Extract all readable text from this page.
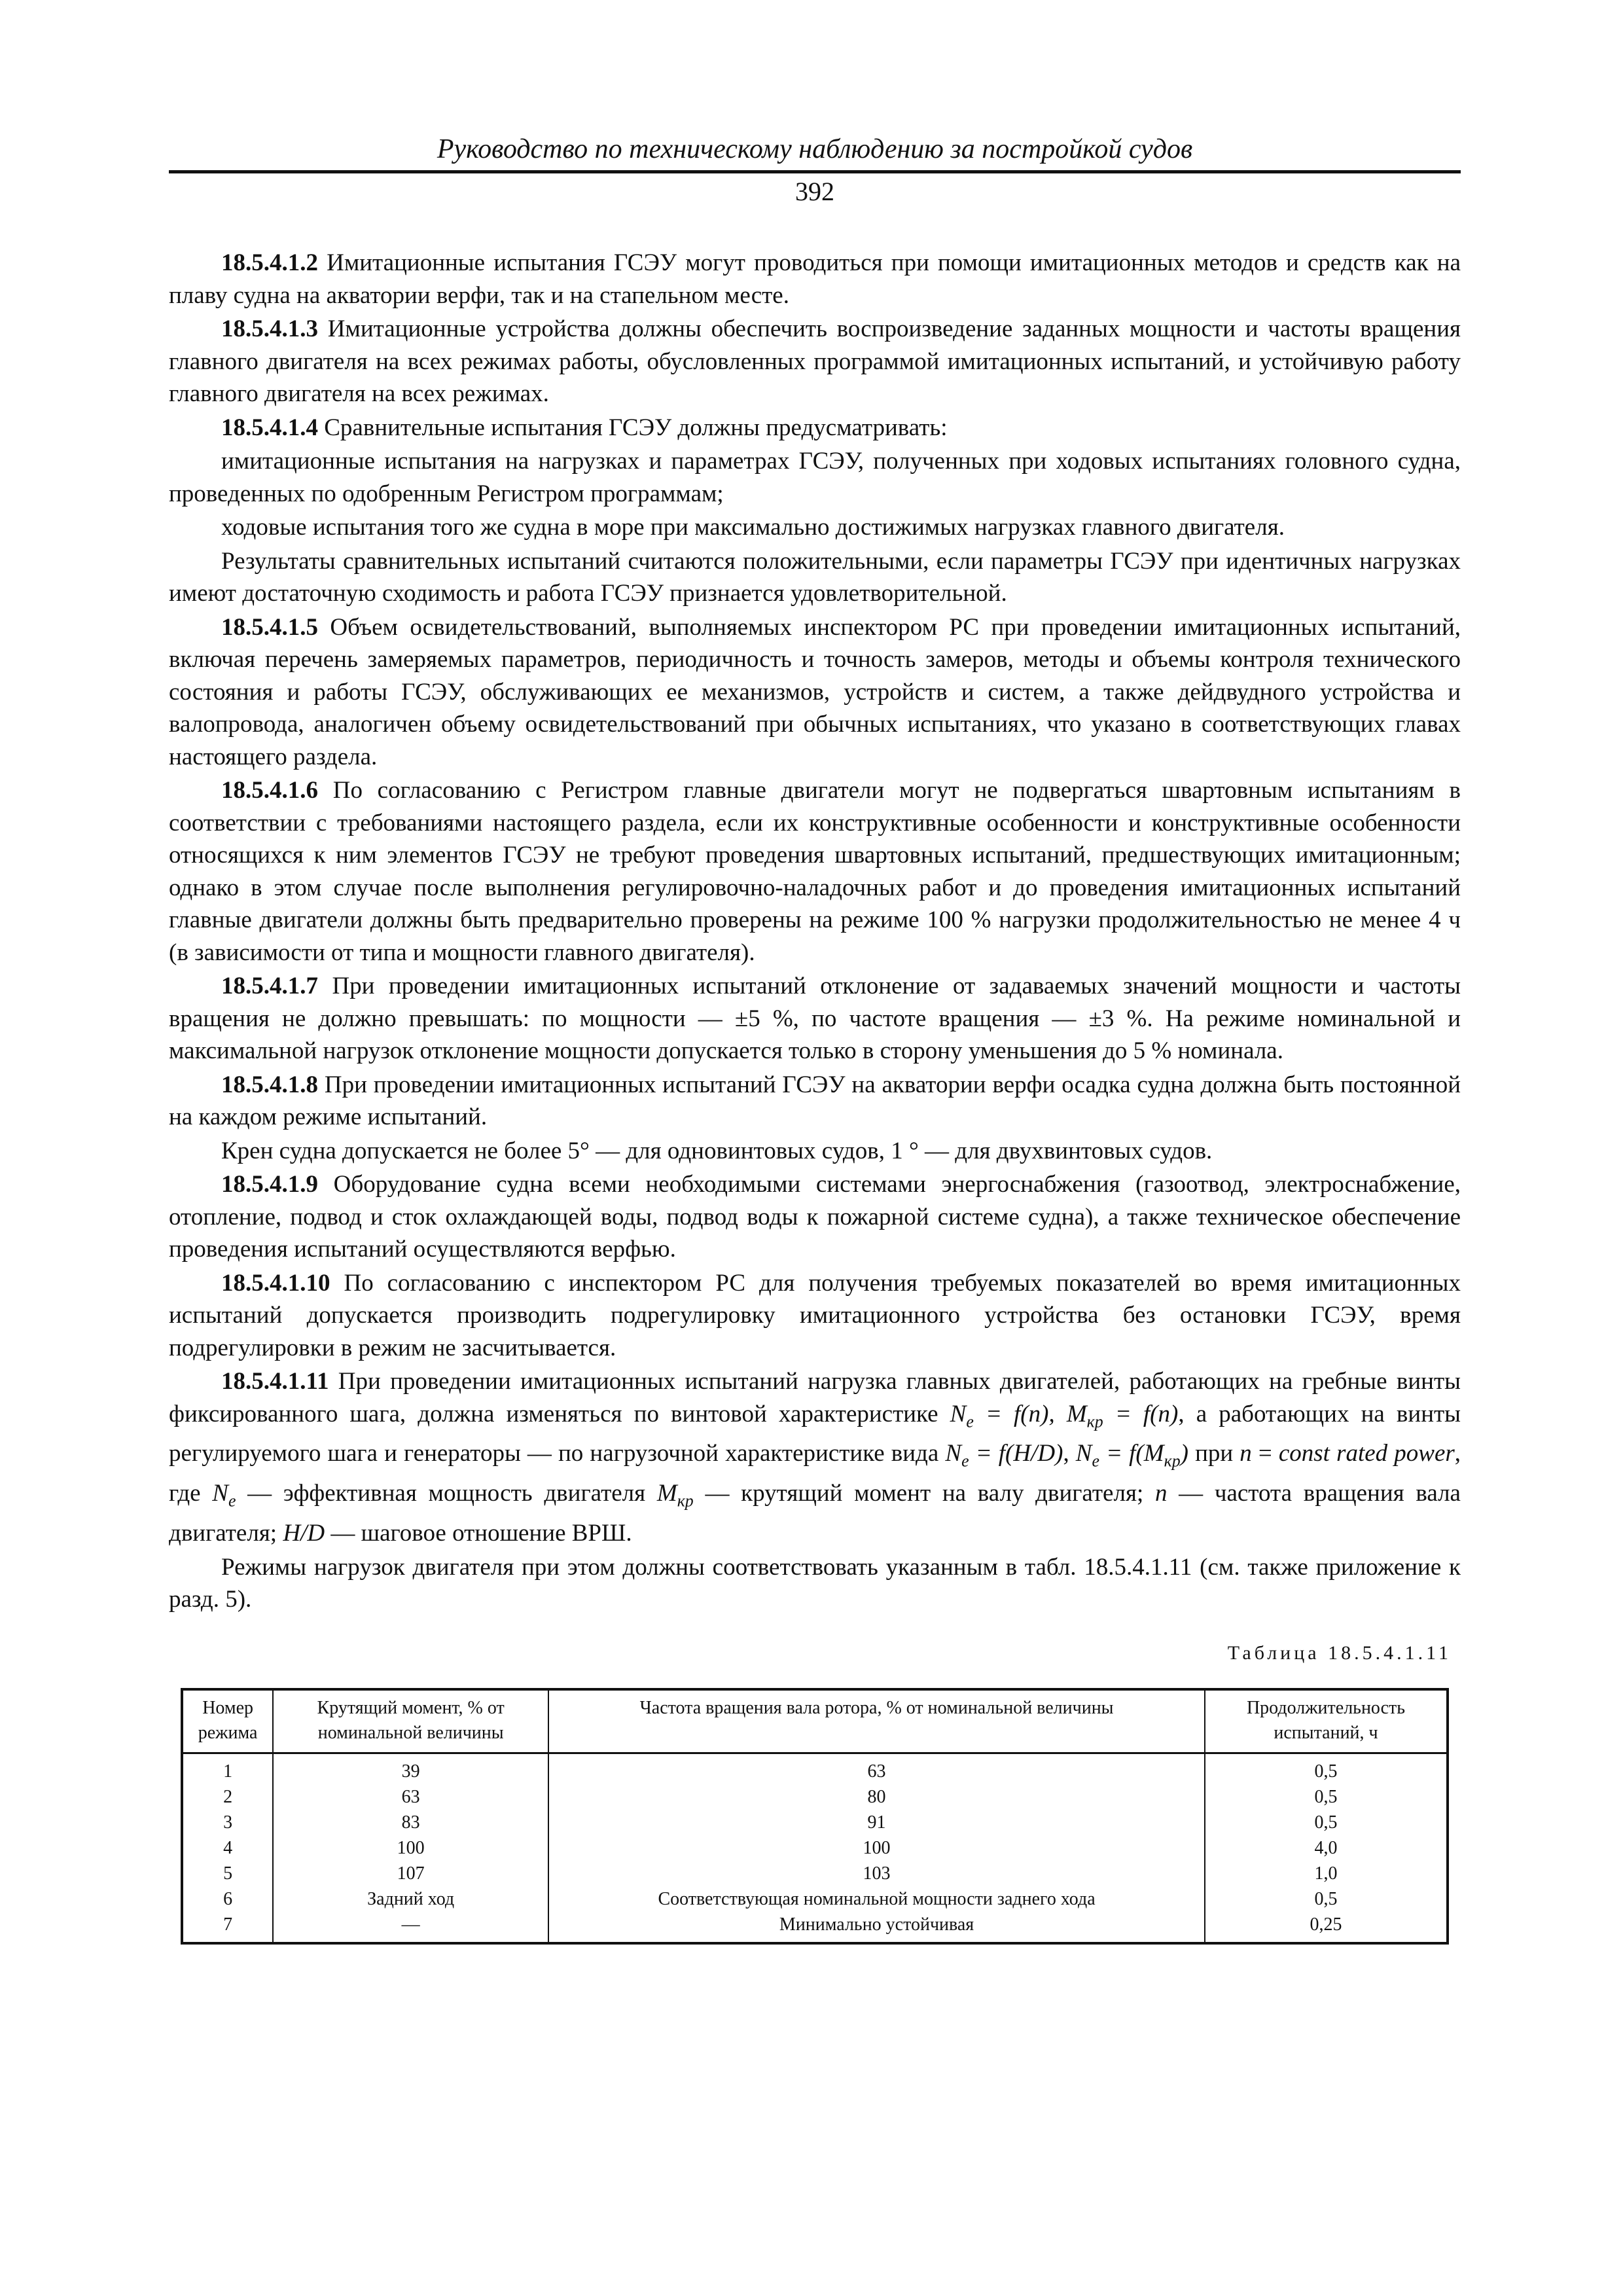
Руководство по техническому наблюдению за постройкой судов
392

18.5.4.1.2 Имитационные испытания ГСЭУ могут проводиться при помощи имитационных методов и средств как на плаву судна на акватории верфи, так и на стапельном месте.

18.5.4.1.3 Имитационные устройства должны обеспечить воспроизведение заданных мощности и частоты вращения главного двигателя на всех режимах работы, обусловленных программой имитационных испытаний, и устойчивую работу главного двигателя на всех режимах.

18.5.4.1.4 Сравнительные испытания ГСЭУ должны предусматривать:

имитационные испытания на нагрузках и параметрах ГСЭУ, полученных при ходовых испытаниях головного судна, проведенных по одобренным Регистром программам;

ходовые испытания того же судна в море при максимально достижимых нагрузках главного двигателя.

Результаты сравнительных испытаний считаются положительными, если параметры ГСЭУ при идентичных нагрузках имеют достаточную сходимость и работа ГСЭУ признается удовлетворительной.

18.5.4.1.5 Объем освидетельствований, выполняемых инспектором РС при проведении имитационных испытаний, включая перечень замеряемых параметров, периодичность и точность замеров, методы и объемы контроля технического состояния и работы ГСЭУ, обслуживающих ее механизмов, устройств и систем, а также дейдвудного устройства и валопровода, аналогичен объему освидетельствований при обычных испытаниях, что указано в соответствующих главах настоящего раздела.

18.5.4.1.6 По согласованию с Регистром главные двигатели могут не подвергаться швартовным испытаниям в соответствии с требованиями настоящего раздела, если их конструктивные особенности и конструктивные особенности относящихся к ним элементов ГСЭУ не требуют проведения швартовных испытаний, предшествующих имитационным; однако в этом случае после выполнения регулировочно-наладочных работ и до проведения имитационных испытаний главные двигатели должны быть предварительно проверены на режиме 100 % нагрузки продолжительностью не менее 4 ч (в зависимости от типа и мощности главного двигателя).

18.5.4.1.7 При проведении имитационных испытаний отклонение от задаваемых значений мощности и частоты вращения не должно превышать: по мощности — ±5 %, по частоте вращения — ±3 %. На режиме номинальной и максимальной нагрузок отклонение мощности допускается только в сторону уменьшения до 5 % номинала.

18.5.4.1.8 При проведении имитационных испытаний ГСЭУ на акватории верфи осадка судна должна быть постоянной на каждом режиме испытаний.

Крен судна допускается не более 5° — для одновинтовых судов, 1 ° — для двухвинтовых судов.

18.5.4.1.9 Оборудование судна всеми необходимыми системами энергоснабжения (газоотвод, электроснабжение, отопление, подвод и сток охлаждающей воды, подвод воды к пожарной системе судна), а также техническое обеспечение проведения испытаний осуществляются верфью.

18.5.4.1.10 По согласованию с инспектором РС для получения требуемых показателей во время имитационных испытаний допускается производить подрегулировку имитационного устройства без остановки ГСЭУ, время подрегулировки в режим не засчитывается.

18.5.4.1.11 При проведении имитационных испытаний нагрузка главных двигателей, работающих на гребные винты фиксированного шага, должна изменяться по винтовой характеристике $N_e = f(n)$, $M_{кр} = f(n)$, а работающих на винты регулируемого шага и генераторы — по нагрузочной характеристике вида $N_e = f(H/D)$, $N_e = f(M_{кр})$ при n = const rated power, где $N_e$ — эффективная мощность двигателя $M_{кр}$ — крутящий момент на валу двигателя; n — частота вращения вала двигателя; H/D — шаговое отношение ВРШ.

Режимы нагрузок двигателя при этом должны соответствовать указанным в табл. 18.5.4.1.11 (см. также приложение к разд. 5).

Таблица 18.5.4.1.11
Номер режима	Крутящий момент, % от номинальной величины	Частота вращения вала ротора, % от номинальной величины	Продолжительность испытаний, ч
1	39	63	0,5
2	63	80	0,5
3	83	91	0,5
4	100	100	4,0
5	107	103	1,0
6	Задний ход	Соответствующая номинальной мощности заднего хода	0,5
7	—	Минимально устойчивая	0,25
